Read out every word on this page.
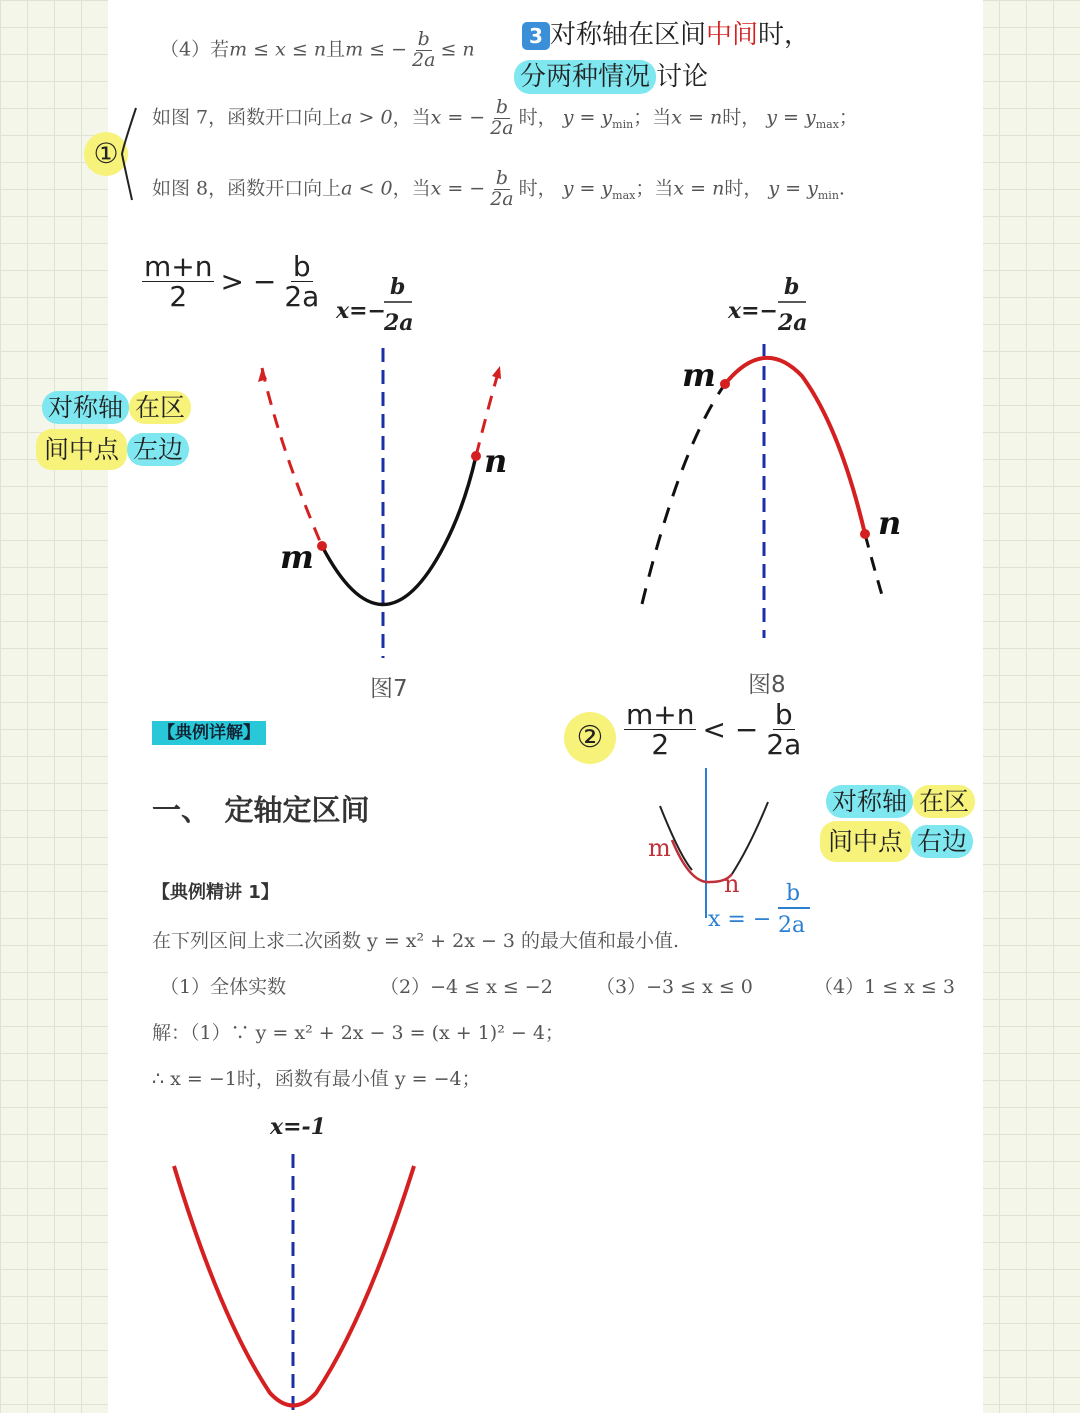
（4）若m ≤ x ≤ n且m ≤ − $\frac{b}{2a} \le n$
3 对称轴在区间中间时，
分两种情况 讨论
①
如图 7，函数开口向上a > 0，当x = − $\frac{b}{2a}$ 时， $y = y_{min}$；当x = n时， $y = y_{max}$；
如图 8，函数开口向上a < 0，当x = − $\frac{b}{2a}$ 时， $y = y_{max}$；当x = n时， $y = y_{min}$.
$\frac{m+n}{2}$ > − $\frac{b}{2a}$
对称轴 在区
间中点 左边
x=−
b
2a
m
n
图7
x=−
b
2a
m
n
图8
【典例详解】	② $\frac{m+n}{2}$ < − $\frac{b}{2a}$
一、　定轴定区间
m
n
x = −
b
2a
对称轴 在区
间中点 右边
【典例精讲 1】
在下列区间上求二次函数 y = x² + 2x − 3 的最大值和最小值.
（1）全体实数	（2）−4 ≤ x ≤ −2 （3）−3 ≤ x ≤ 0	（4）1 ≤ x ≤ 3
解：（1）∵ y = x² + 2x − 3 = (x + 1)² − 4；
∴ x = −1时，函数有最小值 y = −4；
x=-1
